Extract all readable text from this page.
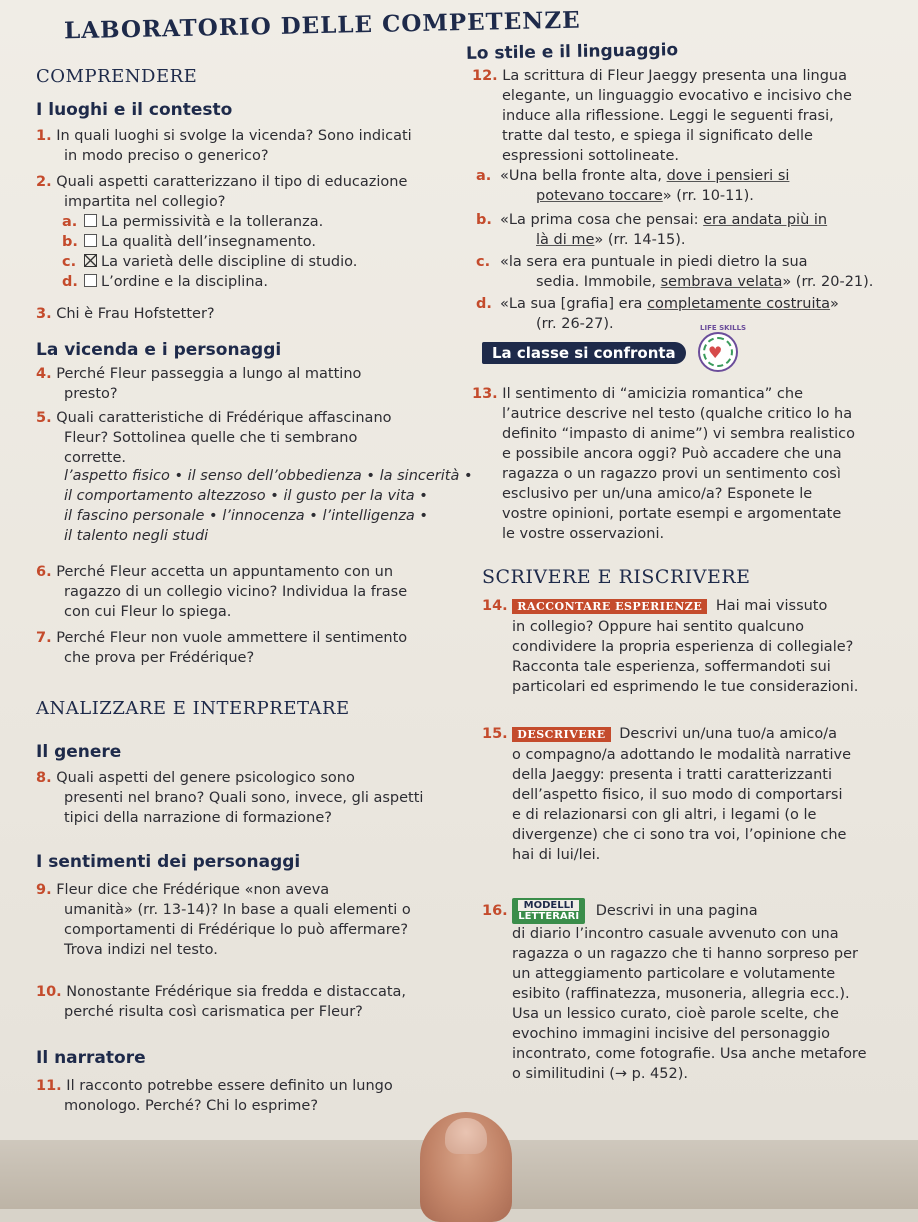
LABORATORIO DELLE COMPETENZE
COMPRENDERE
I luoghi e il contesto
1. In quali luoghi si svolge la vicenda? Sono indicati
in modo preciso o generico?
2. Quali aspetti caratterizzano il tipo di educazione
impartita nel collegio?
a. La permissività e la tolleranza.
b. La qualità dell’insegnamento.
c. La varietà delle discipline di studio.
d. L’ordine e la disciplina.
3. Chi è Frau Hofstetter?
La vicenda e i personaggi
4. Perché Fleur passeggia a lungo al mattino
presto?
5. Quali caratteristiche di Frédérique affascinano
Fleur? Sottolinea quelle che ti sembrano
corrette.
l’aspetto fisico • il senso dell’obbedienza • la sincerità •
il comportamento altezzoso • il gusto per la vita •
il fascino personale • l’innocenza • l’intelligenza •
il talento negli studi
6. Perché Fleur accetta un appuntamento con un
ragazzo di un collegio vicino? Individua la frase
con cui Fleur lo spiega.
7. Perché Fleur non vuole ammettere il sentimento
che prova per Frédérique?
ANALIZZARE E INTERPRETARE
Il genere
8. Quali aspetti del genere psicologico sono
presenti nel brano? Quali sono, invece, gli aspetti
tipici della narrazione di formazione?
I sentimenti dei personaggi
9. Fleur dice che Frédérique «non aveva
umanità» (rr. 13-14)? In base a quali elementi o
comportamenti di Frédérique lo può affermare?
Trova indizi nel testo.
10. Nonostante Frédérique sia fredda e distaccata,
perché risulta così carismatica per Fleur?
Il narratore
11. Il racconto potrebbe essere definito un lungo
monologo. Perché? Chi lo esprime?
Lo stile e il linguaggio
12. La scrittura di Fleur Jaeggy presenta una lingua
elegante, un linguaggio evocativo e incisivo che
induce alla riflessione. Leggi le seguenti frasi,
tratte dal testo, e spiega il significato delle
espressioni sottolineate.
a. «Una bella fronte alta, dove i pensieri si
potevano toccare» (rr. 10-11).
b. «La prima cosa che pensai: era andata più in
là di me» (rr. 14-15).
c. «la sera era puntuale in piedi dietro la sua
sedia. Immobile, sembrava velata» (rr. 20-21).
d. «La sua [grafia] era completamente costruita»
(rr. 26-27).
La classe si confronta	♥
LIFE SKILLS
13. Il sentimento di “amicizia romantica” che
l’autrice descrive nel testo (qualche critico lo ha
definito “impasto di anime”) vi sembra realistico
e possibile ancora oggi? Può accadere che una
ragazza o un ragazzo provi un sentimento così
esclusivo per un/una amico/a? Esponete le
vostre opinioni, portate esempi e argomentate
le vostre osservazioni.
SCRIVERE E RISCRIVERE
14. RACCONTARE ESPERIENZE Hai mai vissuto
in collegio? Oppure hai sentito qualcuno
condividere la propria esperienza di collegiale?
Racconta tale esperienza, soffermandoti sui
particolari ed esprimendo le tue considerazioni.
15. DESCRIVERE Descrivi un/una tuo/a amico/a
o compagno/a adottando le modalità narrative
della Jaeggy: presenta i tratti caratterizzanti
dell’aspetto fisico, il suo modo di comportarsi
e di relazionarsi con gli altri, i legami (o le
divergenze) che ci sono tra voi, l’opinione che
hai di lui/lei.
16.	MODELLI
LETTERARI Descrivi in una pagina
di diario l’incontro casuale avvenuto con una
ragazza o un ragazzo che ti hanno sorpreso per
un atteggiamento particolare e volutamente
esibito (raffinatezza, musoneria, allegria ecc.).
Usa un lessico curato, cioè parole scelte, che
evochino immagini incisive del personaggio
incontrato, come fotografie. Usa anche metafore
o similitudini (→ p. 452).
